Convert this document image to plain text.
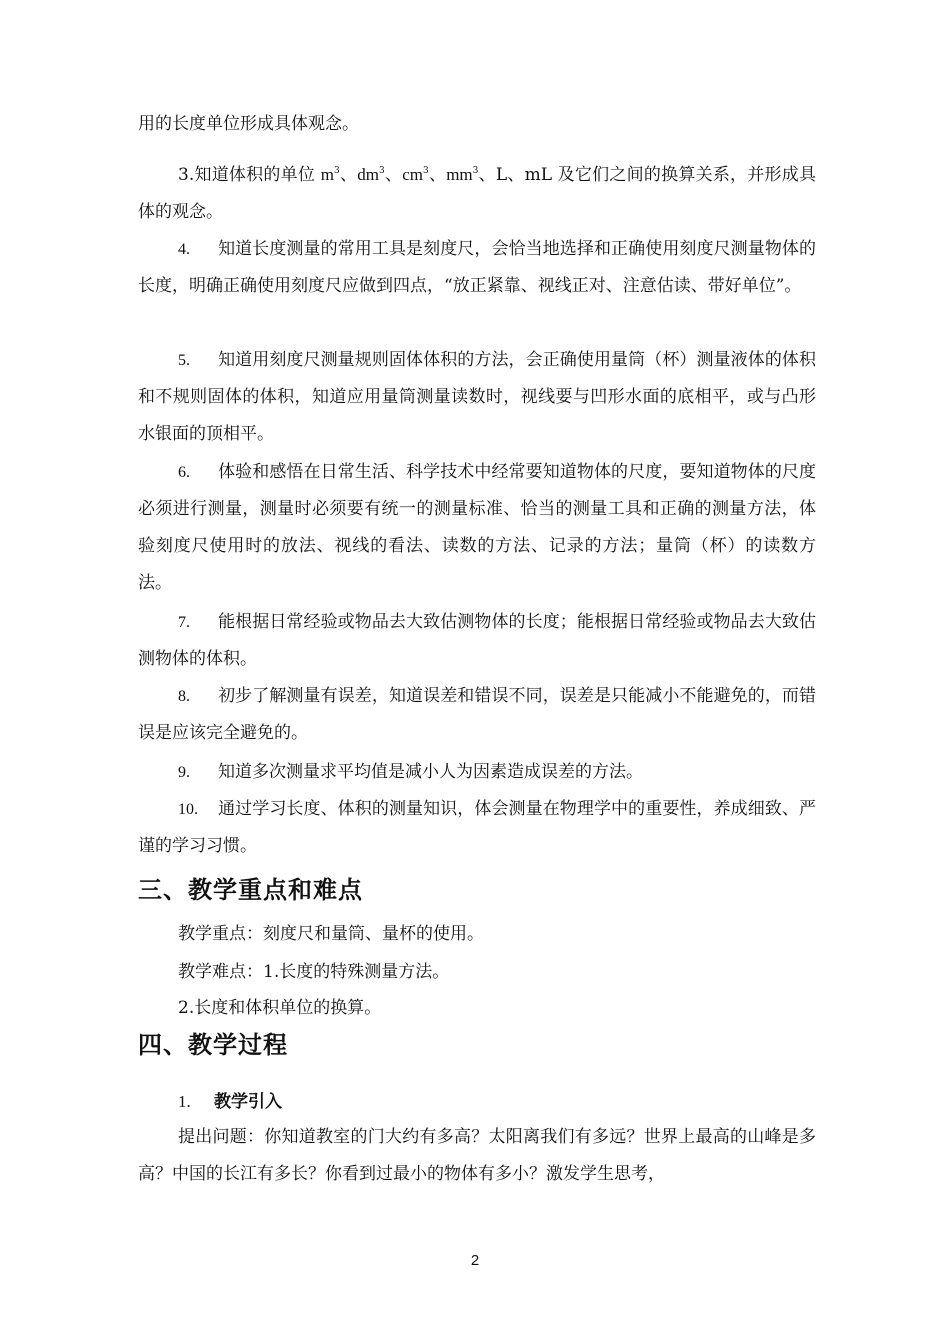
用的长度单位形成具体观念。
3.知道体积的单位 $m^3$、$dm^3$、$cm^3$、$mm^3$、L、mL 及它们之间的换算关系，并形成具体的观念。
4. 知道长度测量的常用工具是刻度尺，会恰当地选择和正确使用刻度尺测量物体的长度，明确正确使用刻度尺应做到四点，“放正紧靠、视线正对、注意估读、带好单位”。
5. 知道用刻度尺测量规则固体体积的方法，会正确使用量筒（杯）测量液体的体积和不规则固体的体积，知道应用量筒测量读数时，视线要与凹形水面的底相平，或与凸形水银面的顶相平。
6. 体验和感悟在日常生活、科学技术中经常要知道物体的尺度，要知道物体的尺度必须进行测量，测量时必须要有统一的测量标准、恰当的测量工具和正确的测量方法，体验刻度尺使用时的放法、视线的看法、读数的方法、记录的方法；量筒（杯）的读数方法。
7. 能根据日常经验或物品去大致估测物体的长度；能根据日常经验或物品去大致估测物体的体积。
8. 初步了解测量有误差，知道误差和错误不同，误差是只能减小不能避免的，而错误是应该完全避免的。
9. 知道多次测量求平均值是减小人为因素造成误差的方法。
10. 通过学习长度、体积的测量知识，体会测量在物理学中的重要性，养成细致、严谨的学习习惯。
三、教学重点和难点
教学重点：刻度尺和量筒、量杯的使用。
教学难点：1.长度的特殊测量方法。
2.长度和体积单位的换算。
四、教学过程
1. 教学引入
提出问题：你知道教室的门大约有多高？太阳离我们有多远？世界上最高的山峰是多高？中国的长江有多长？你看到过最小的物体有多小？激发学生思考，
2
